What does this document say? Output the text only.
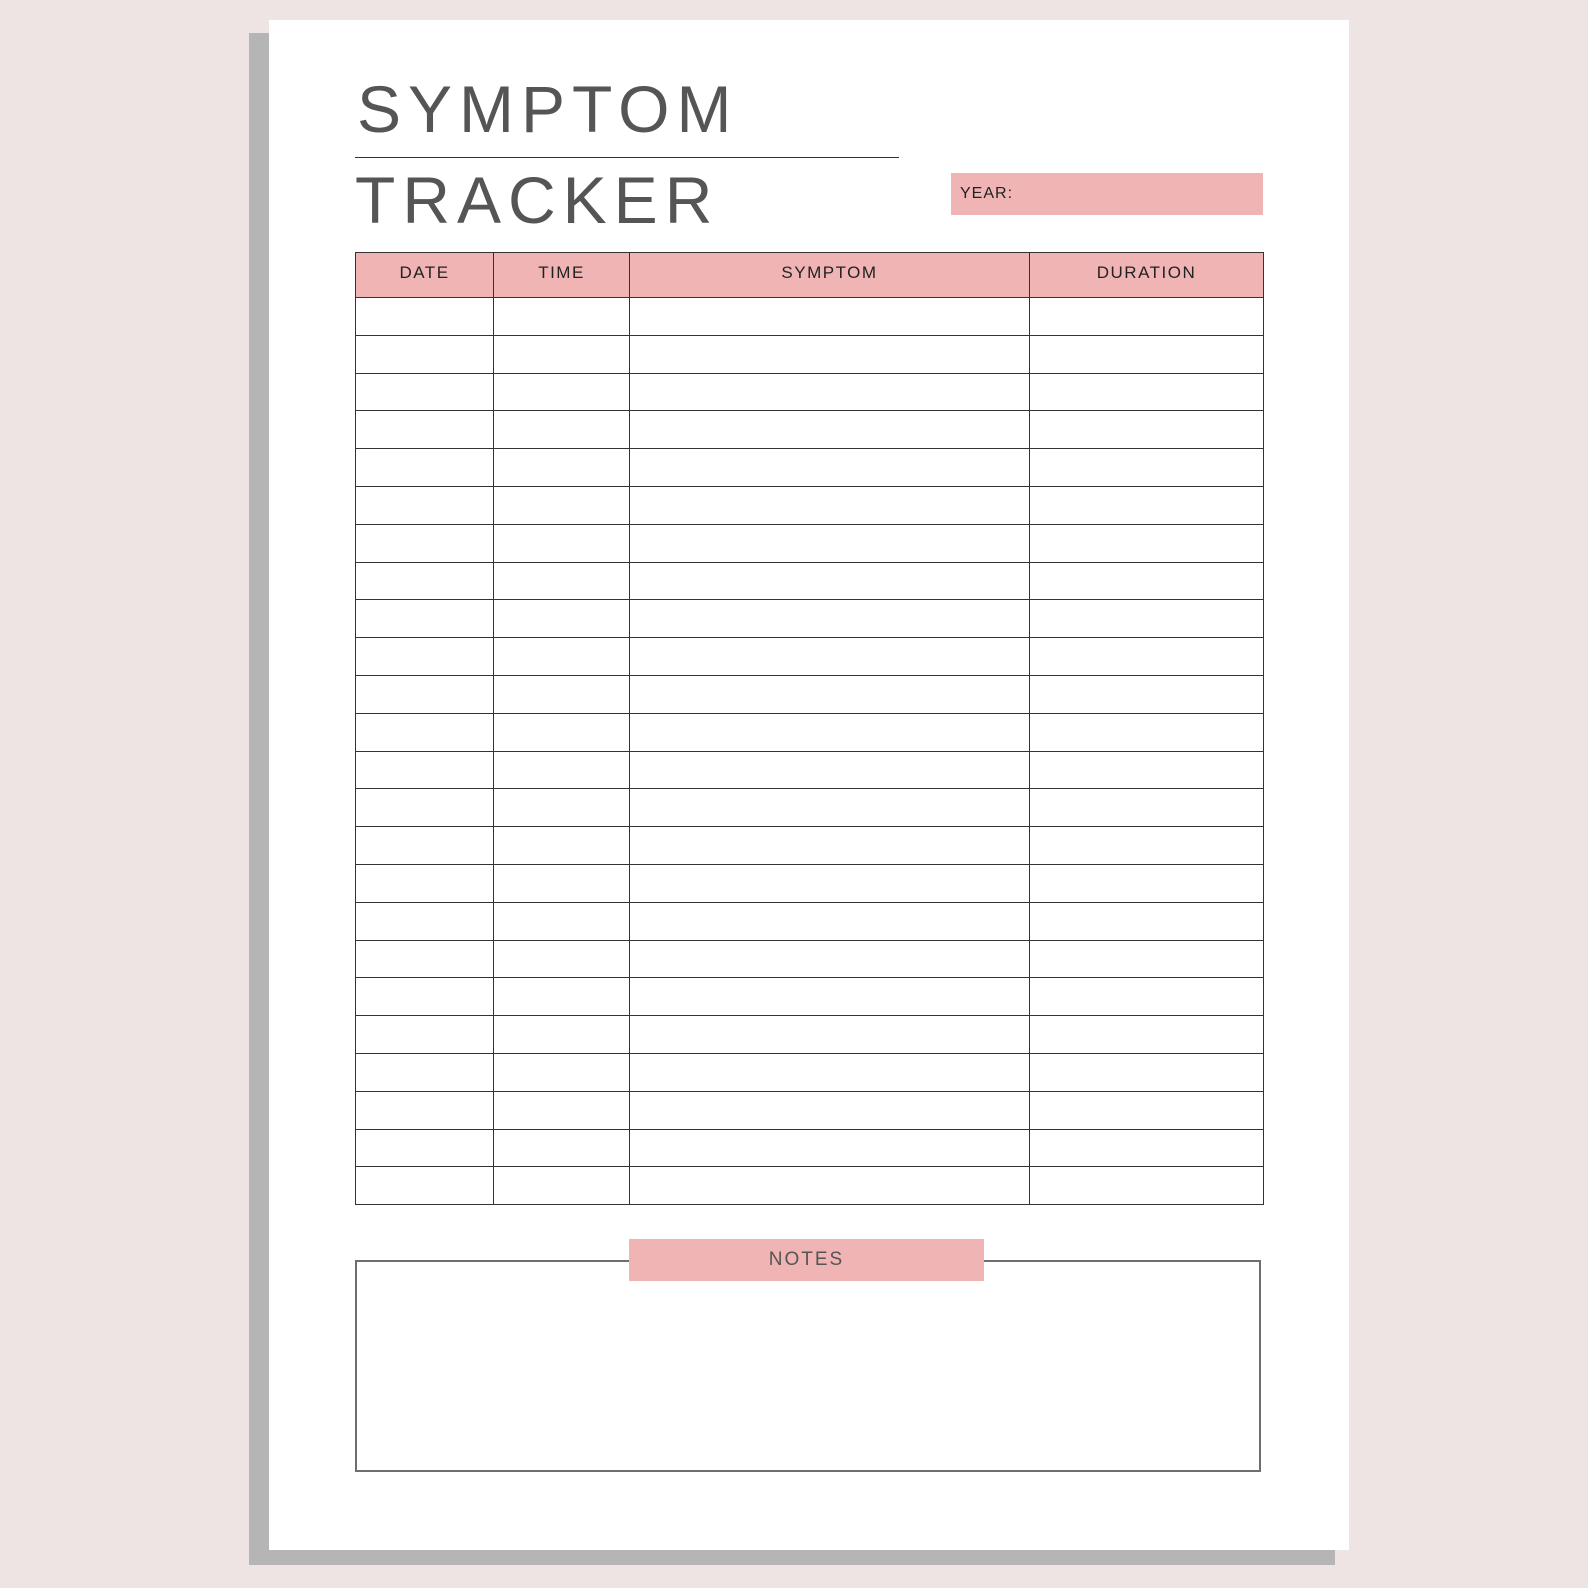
SYMPTOM
TRACKER	YEAR:
DATE	TIME	SYMPTOM	DURATION

NOTES
